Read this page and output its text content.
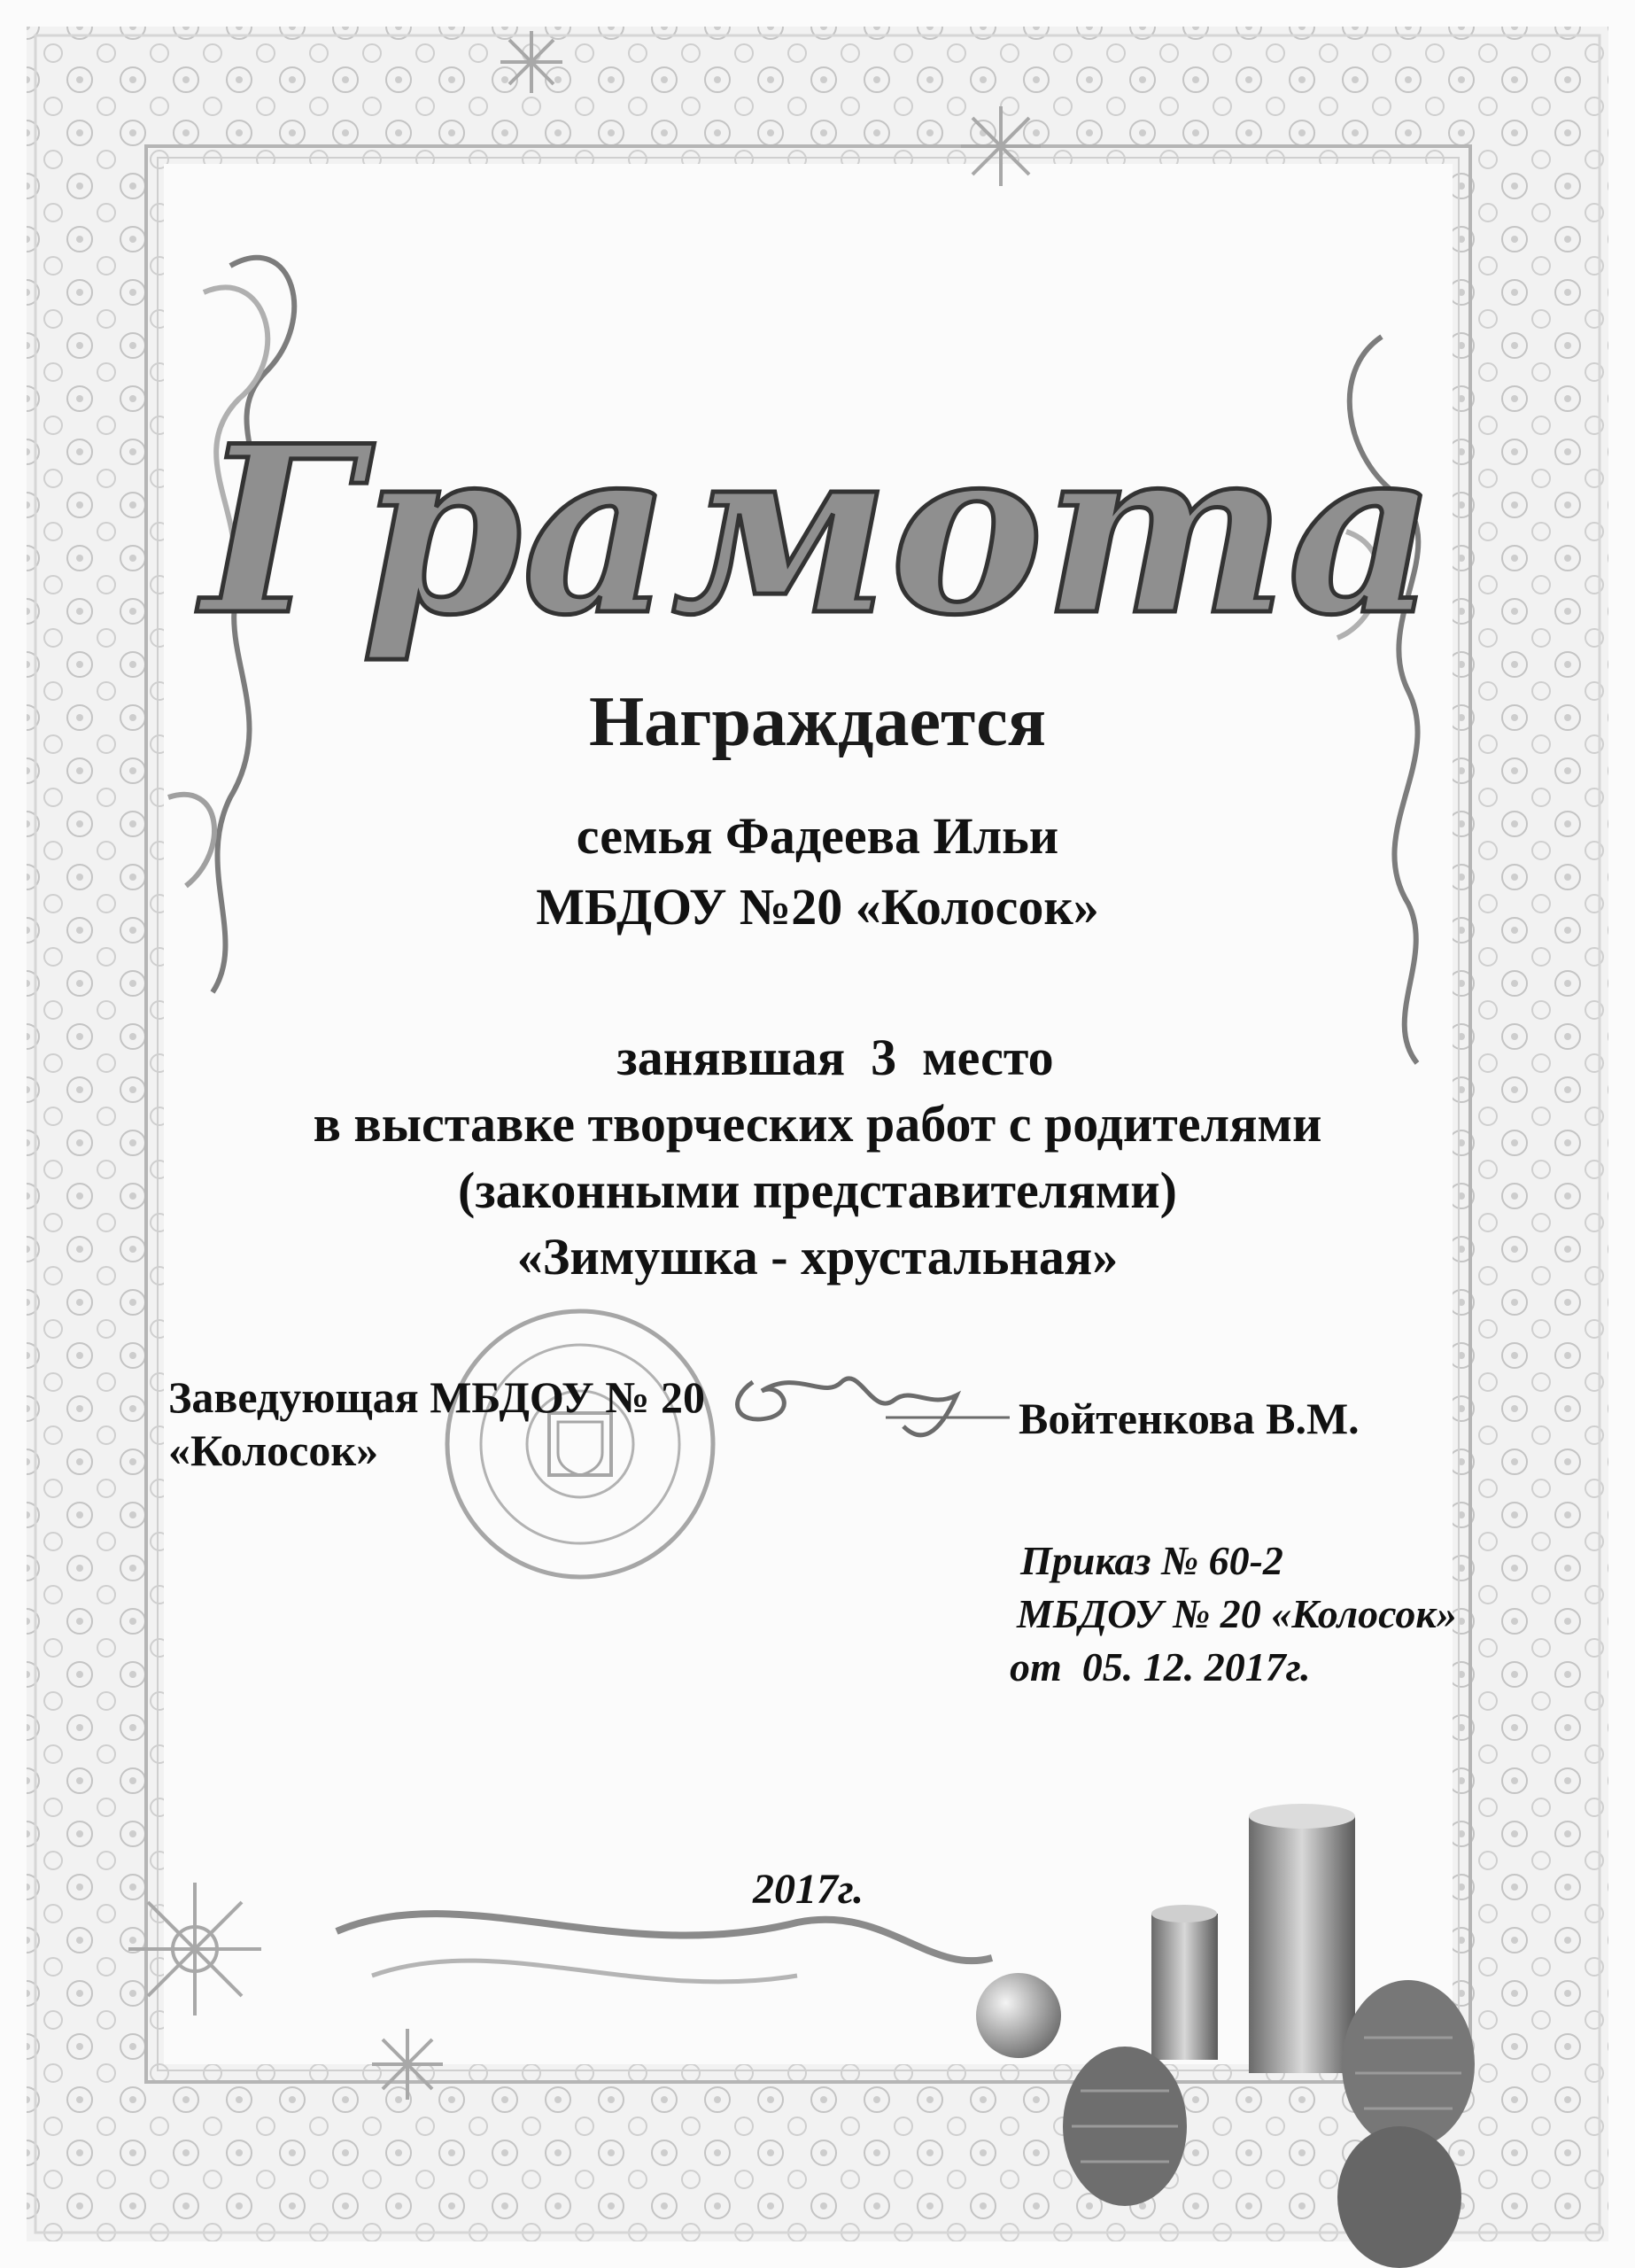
Грамота
Награждается
семья Фадеева Ильи
МБДОУ №20 «Колосок»
занявшая  3  место
в выставке творческих работ с родителями
(законными представителями)
«Зимушка - хрустальная»
Заведующая МБДОУ № 20
«Колосок»
Войтенкова В.М.
Приказ № 60-2
МБДОУ № 20 «Колосок»
от  05. 12. 2017г.
2017г.
